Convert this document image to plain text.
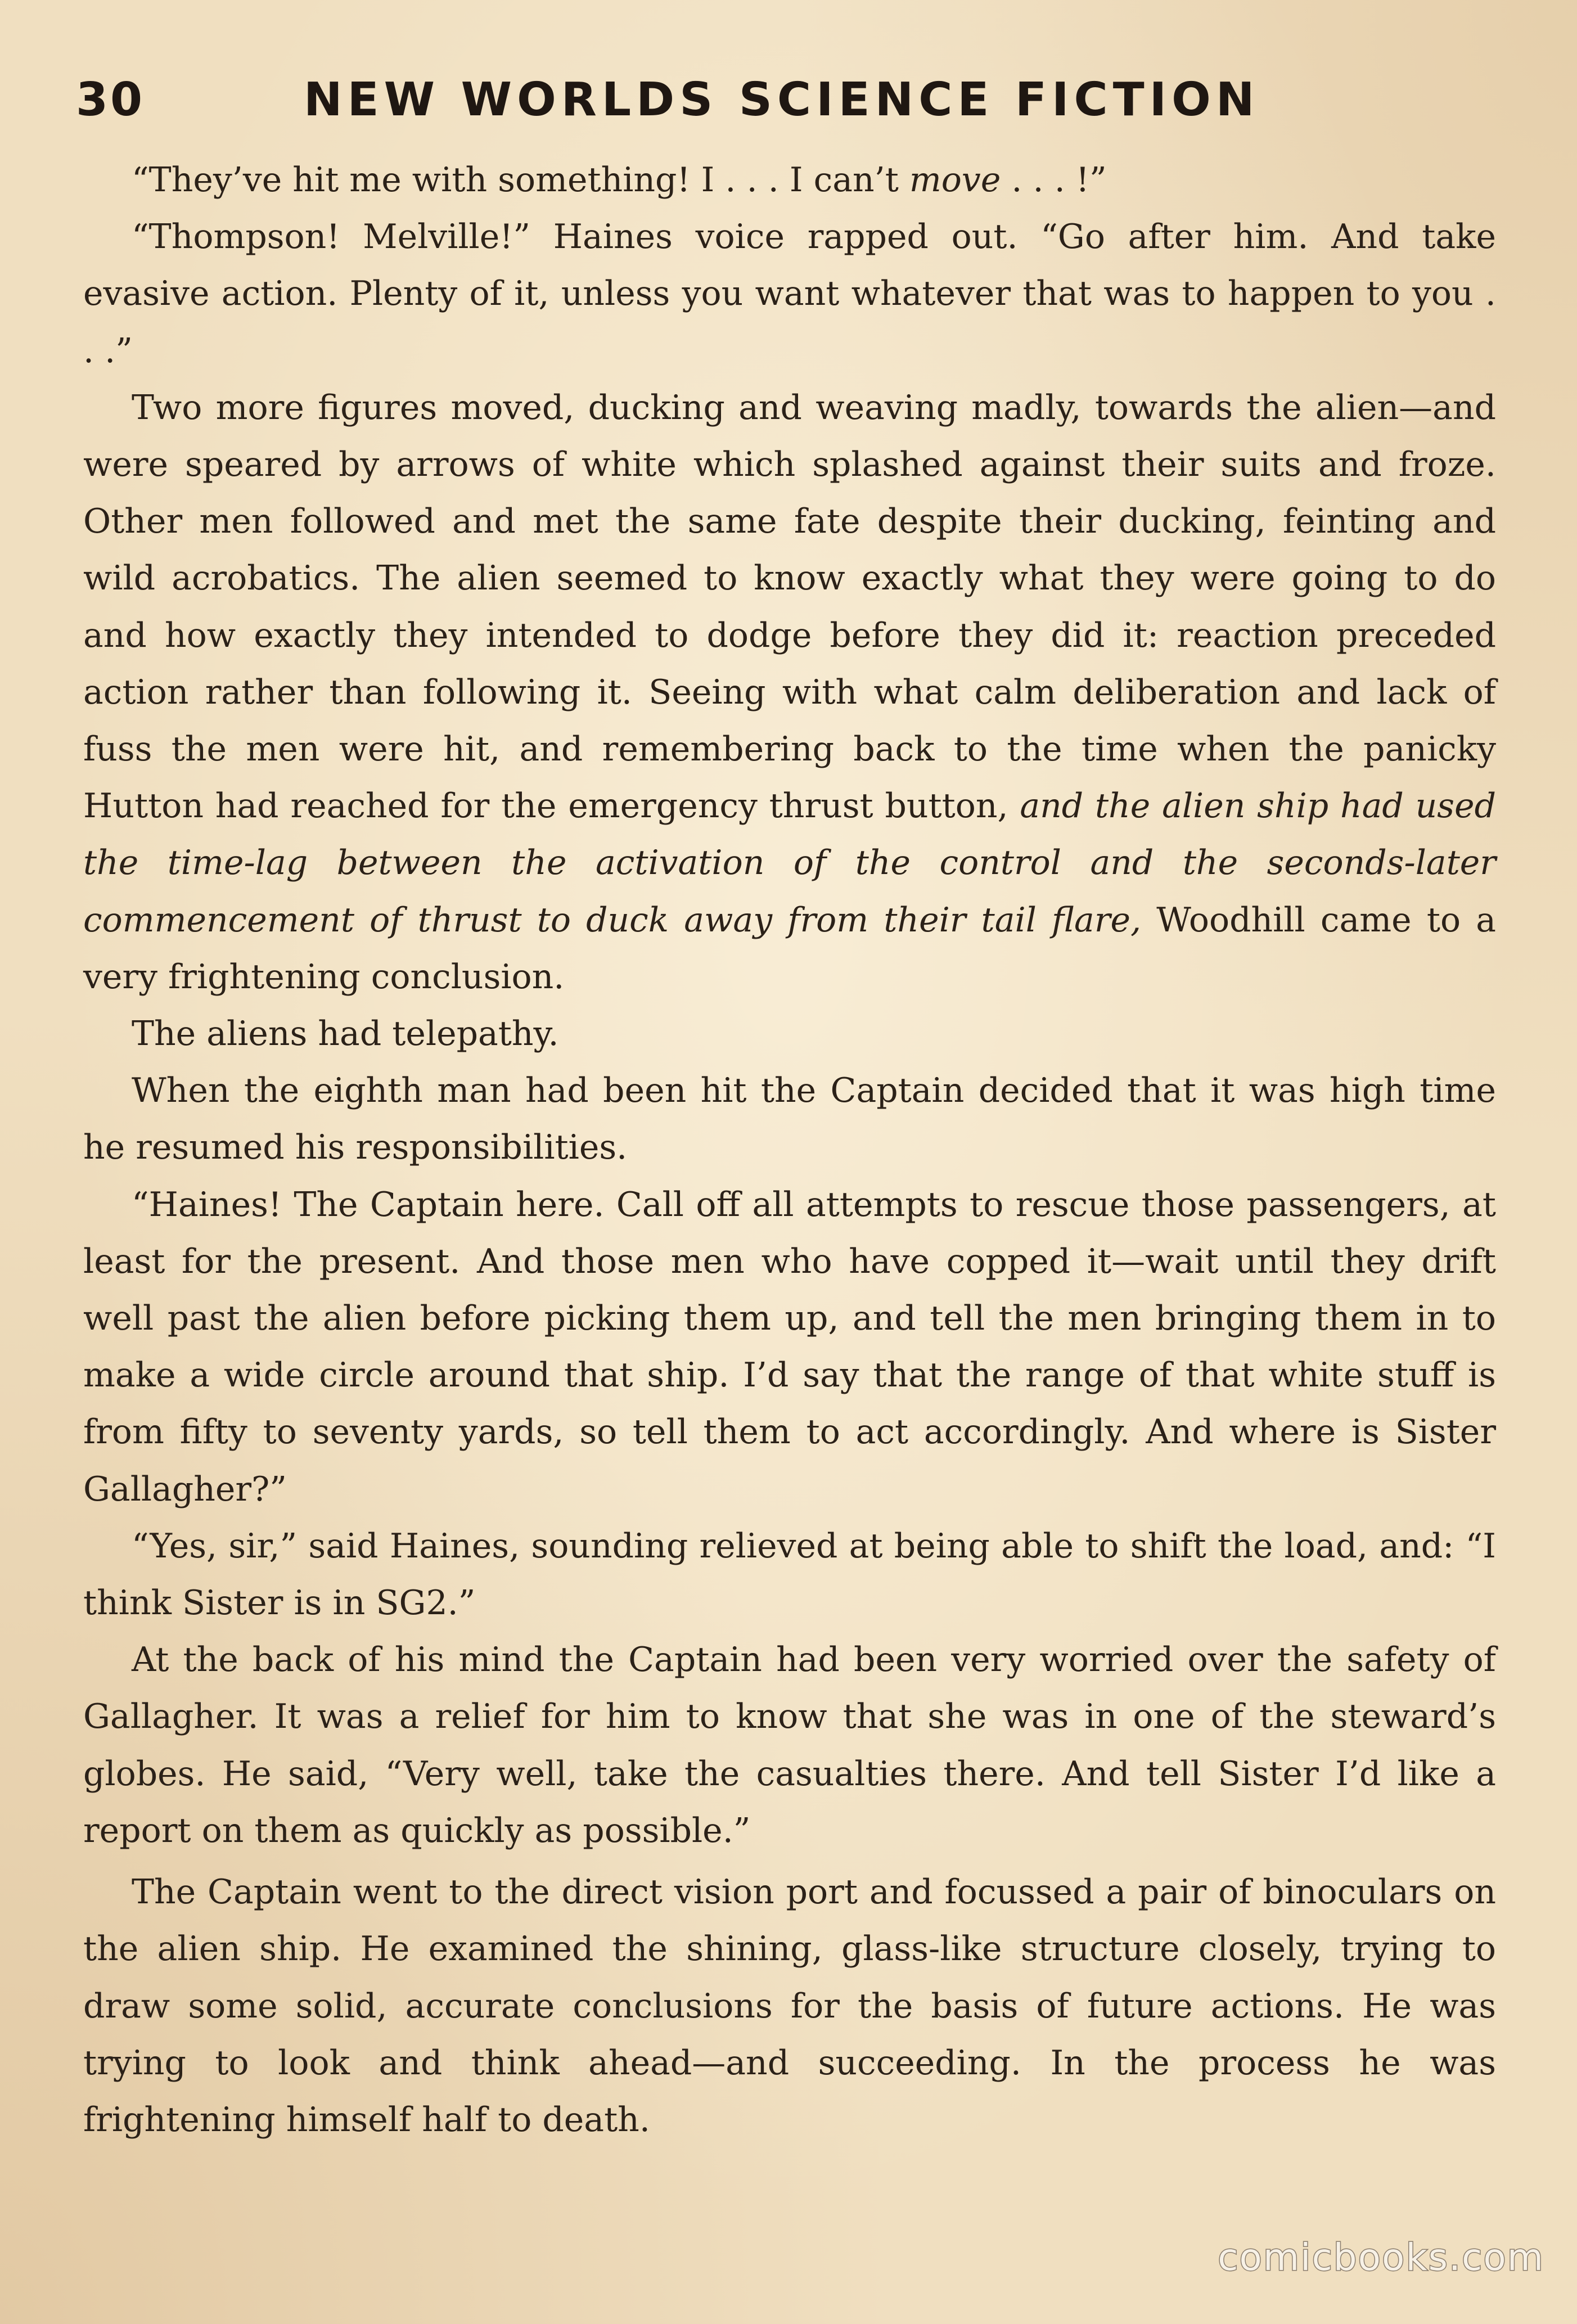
30	NEW WORLDS SCIENCE FICTION

“They’ve hit me with something! I . . . I can’t move . . . !”

“Thompson! Melville!” Haines voice rapped out. “Go after him. And take evasive action. Plenty of it, unless you want whatever that was to happen to you . . .”

Two more figures moved, ducking and weaving madly, towards the alien—and were speared by arrows of white which splashed against their suits and froze. Other men followed and met the same fate despite their ducking, feinting and wild acrobatics. The alien seemed to know exactly what they were going to do and how exactly they intended to dodge before they did it: reaction preceded action rather than following it. Seeing with what calm deliberation and lack of fuss the men were hit, and remembering back to the time when the panicky Hutton had reached for the emergency thrust button, and the alien ship had used the time-lag between the activation of the control and the seconds-later commencement of thrust to duck away from their tail flare, Woodhill came to a very frightening conclusion.

The aliens had telepathy.

When the eighth man had been hit the Captain decided that it was high time he resumed his responsibilities.

“Haines! The Captain here. Call off all attempts to rescue those passengers, at least for the present. And those men who have copped it—wait until they drift well past the alien before picking them up, and tell the men bringing them in to make a wide circle around that ship. I’d say that the range of that white stuff is from fifty to seventy yards, so tell them to act accordingly. And where is Sister Gallagher?”

“Yes, sir,” said Haines, sounding relieved at being able to shift the load, and: “I think Sister is in SG2.”

At the back of his mind the Captain had been very worried over the safety of Gallagher. It was a relief for him to know that she was in one of the steward’s globes. He said, “Very well, take the casualties there. And tell Sister I’d like a report on them as quickly as possible.”

The Captain went to the direct vision port and focussed a pair of binoculars on the alien ship. He examined the shining, glass-like structure closely, trying to draw some solid, accurate conclusions for the basis of future actions. He was trying to look and think ahead—and succeeding. In the process he was frightening himself half to death.

comicbooks.com
